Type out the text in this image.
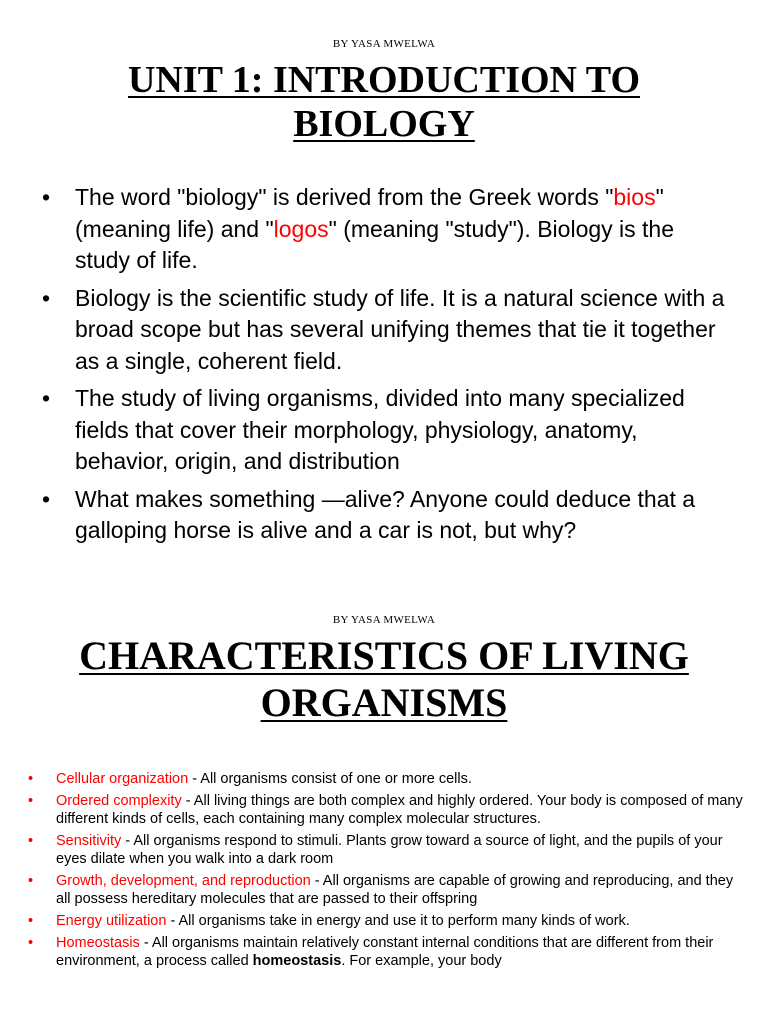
BY YASA MWELWA
UNIT 1: INTRODUCTION TO BIOLOGY
• The word "biology" is derived from the Greek words "bios" (meaning life) and "logos" (meaning "study"). Biology is the study of life.
• Biology is the scientific study of life. It is a natural science with a broad scope but has several unifying themes that tie it together as a single, coherent field.
• The study of living organisms, divided into many specialized fields that cover their morphology, physiology, anatomy, behavior, origin, and distribution
• What makes something —alive? Anyone could deduce that a galloping horse is alive and a car is not, but why?
BY YASA MWELWA
CHARACTERISTICS OF LIVING ORGANISMS
• Cellular organization - All organisms consist of one or more cells.
• Ordered complexity - All living things are both complex and highly ordered. Your body is composed of many different kinds of cells, each containing many complex molecular structures.
• Sensitivity - All organisms respond to stimuli. Plants grow toward a source of light, and the pupils of your eyes dilate when you walk into a dark room
• Growth, development, and reproduction - All organisms are capable of growing and reproducing, and they all possess hereditary molecules that are passed to their offspring
• Energy utilization - All organisms take in energy and use it to perform many kinds of work.
• Homeostasis - All organisms maintain relatively constant internal conditions that are different from their environment, a process called homeostasis. For example, your body
